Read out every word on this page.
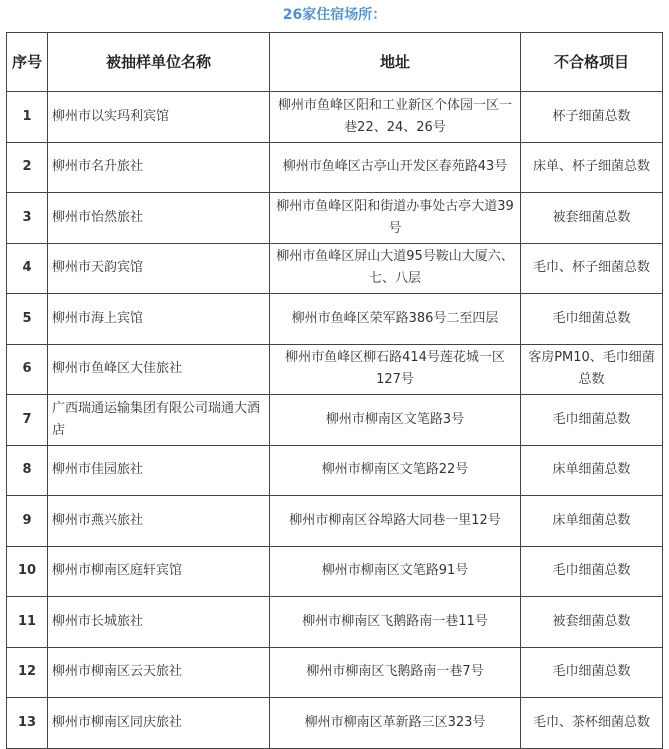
26家住宿场所：
序号	被抽样单位名称	地址	不合格项目
1	柳州市以实玛利宾馆	柳州市鱼峰区阳和工业新区个体园一区一巷22、24、26号	杯子细菌总数
2	柳州市名升旅社	柳州市鱼峰区古亭山开发区春苑路43号	床单、杯子细菌总数
3	柳州市怡然旅社	柳州市鱼峰区阳和街道办事处古亭大道39号	被套细菌总数
4	柳州市天韵宾馆	柳州市鱼峰区屏山大道95号鞍山大厦六、七、八层	毛巾、杯子细菌总数
5	柳州市海上宾馆	柳州市鱼峰区荣军路386号二至四层	毛巾细菌总数
6	柳州市鱼峰区大佳旅社	柳州市鱼峰区柳石路414号莲花城一区127号	客房PM10、毛巾细菌总数
7	广西瑞通运输集团有限公司瑞通大酒店	柳州市柳南区文笔路3号	毛巾细菌总数
8	柳州市佳园旅社	柳州市柳南区文笔路22号	床单细菌总数
9	柳州市燕兴旅社	柳州市柳南区谷埠路大同巷一里12号	床单细菌总数
10	柳州市柳南区庭轩宾馆	柳州市柳南区文笔路91号	毛巾细菌总数
11	柳州市长城旅社	柳州市柳南区飞鹅路南一巷11号	被套细菌总数
12	柳州市柳南区云天旅社	柳州市柳南区飞鹅路南一巷7号	毛巾细菌总数
13	柳州市柳南区同庆旅社	柳州市柳南区革新路三区323号	毛巾、茶杯细菌总数
